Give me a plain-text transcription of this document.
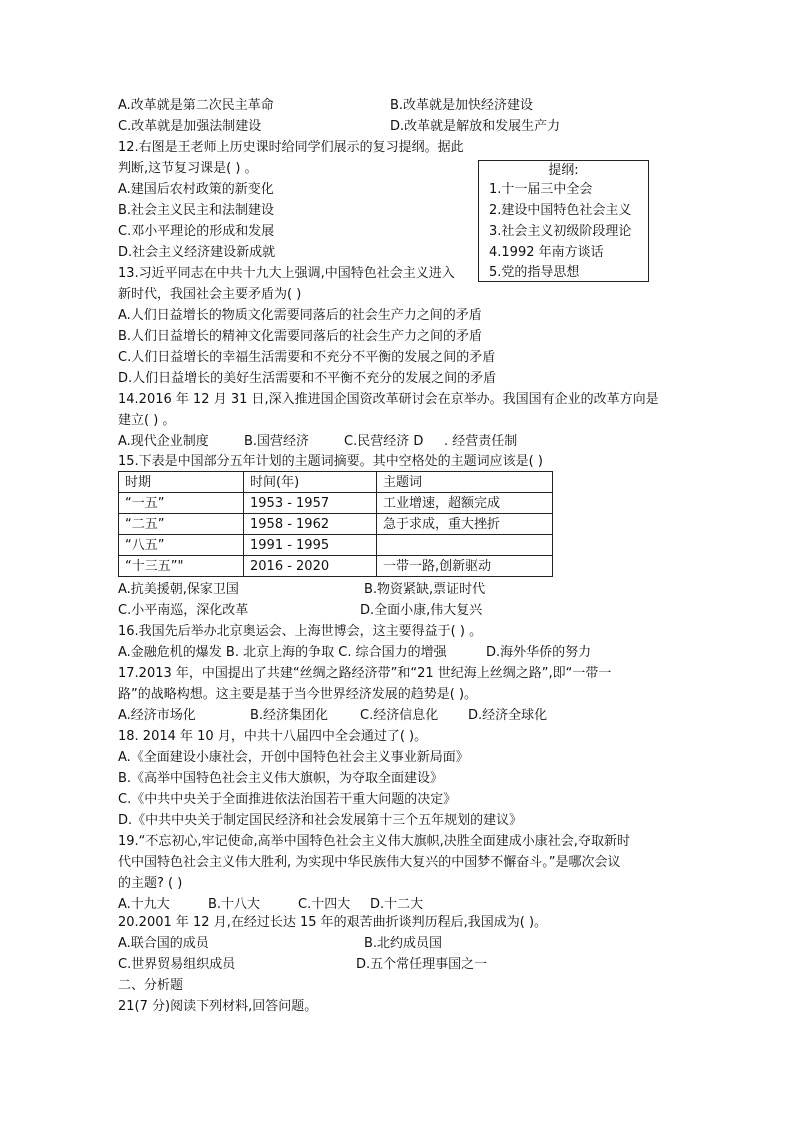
A.改革就是第二次民主革命	B.改革就是加快经济建设
C.改革就是加强法制建设	D.改革就是解放和发展生产力
12.右图是王老师上历史课时给同学们展示的复习提纲。据此
判断,这节复习课是( ) 。
A.建国后农村政策的新变化
B.社会主义民主和法制建设
C.邓小平理论的形成和发展
D.社会主义经济建设新成就
提纲:
1.十一届三中全会
2.建设中国特色社会主义
3.社会主义初级阶段理论
4.1992 年南方谈话
5.党的指导思想
13.习近平同志在中共十九大上强调,中国特色社会主义进入
新时代，我国社会主要矛盾为( )
A.人们日益增长的物质文化需要同落后的社会生产力之间的矛盾
B.人们日益增长的精神文化需要同落后的社会生产力之间的矛盾
C.人们日益增长的幸福生活需要和不充分不平衡的发展之间的矛盾
D.人们日益增长的美好生活需要和不平衡不充分的发展之间的矛盾
14.2016 年 12 月 31 日,深入推进国企国资改革研讨会在京举办。我国国有企业的改革方向是
建立( ) 。
A.现代企业制度	B.国营经济	C.民营经济 D . 经营责任制
15.下表是中国部分五年计划的主题词摘要。其中空格处的主题词应该是( )
时期	时间(年)	主题词
“一五”	1953 - 1957	工业增速，超额完成
“二五”	1958 - 1962	急于求成，重大挫折
“八五”	1991 - 1995	
“十三五”"	2016 - 2020	一带一路,创新驱动
A.抗美援朝,保家卫国	B.物资紧缺,票证时代
C.小平南巡，深化改革	D.全面小康,伟大复兴
16.我国先后举办北京奥运会、上海世博会，这主要得益于( ) 。
A.金融危机的爆发 B. 北京上海的争取 C. 综合国力的增强	D.海外华侨的努力
17.2013 年，中国提出了共建“丝绸之路经济带”和“21 世纪海上丝绸之路”,即“一带一
路”的战略构想。这主要是基于当今世界经济发展的趋势是( )。
A.经济市场化	B.经济集团化 C.经济信息化 D.经济全球化
18. 2014 年 10 月，中共十八届四中全会通过了( )。
A.《全面建设小康社会，开创中国特色社会主义事业新局面》
B.《高举中国特色社会主义伟大旗帜，为夺取全面建设》
C.《中共中央关于全面推进依法治国若干重大问题的决定》
D.《中共中央关于制定国民经济和社会发展第十三个五年规划的建议》
19.“不忘初心,牢记使命,高举中国特色社会主义伟大旗帜,决胜全面建成小康社会,夺取新时
代中国特色社会主义伟大胜利, 为实现中华民族伟大复兴的中国梦不懈奋斗。”是哪次会议
的主题? ( )
A.十九大	B.十八大	C.十四大 D.十二大
20.2001 年 12 月,在经过长达 15 年的艰苦曲折谈判历程后,我国成为( )。
A.联合国的成员	B.北约成员国
C.世界贸易组织成员	D.五个常任理事国之一
二、分析题
21(7 分)阅读下列材料,回答问题。
